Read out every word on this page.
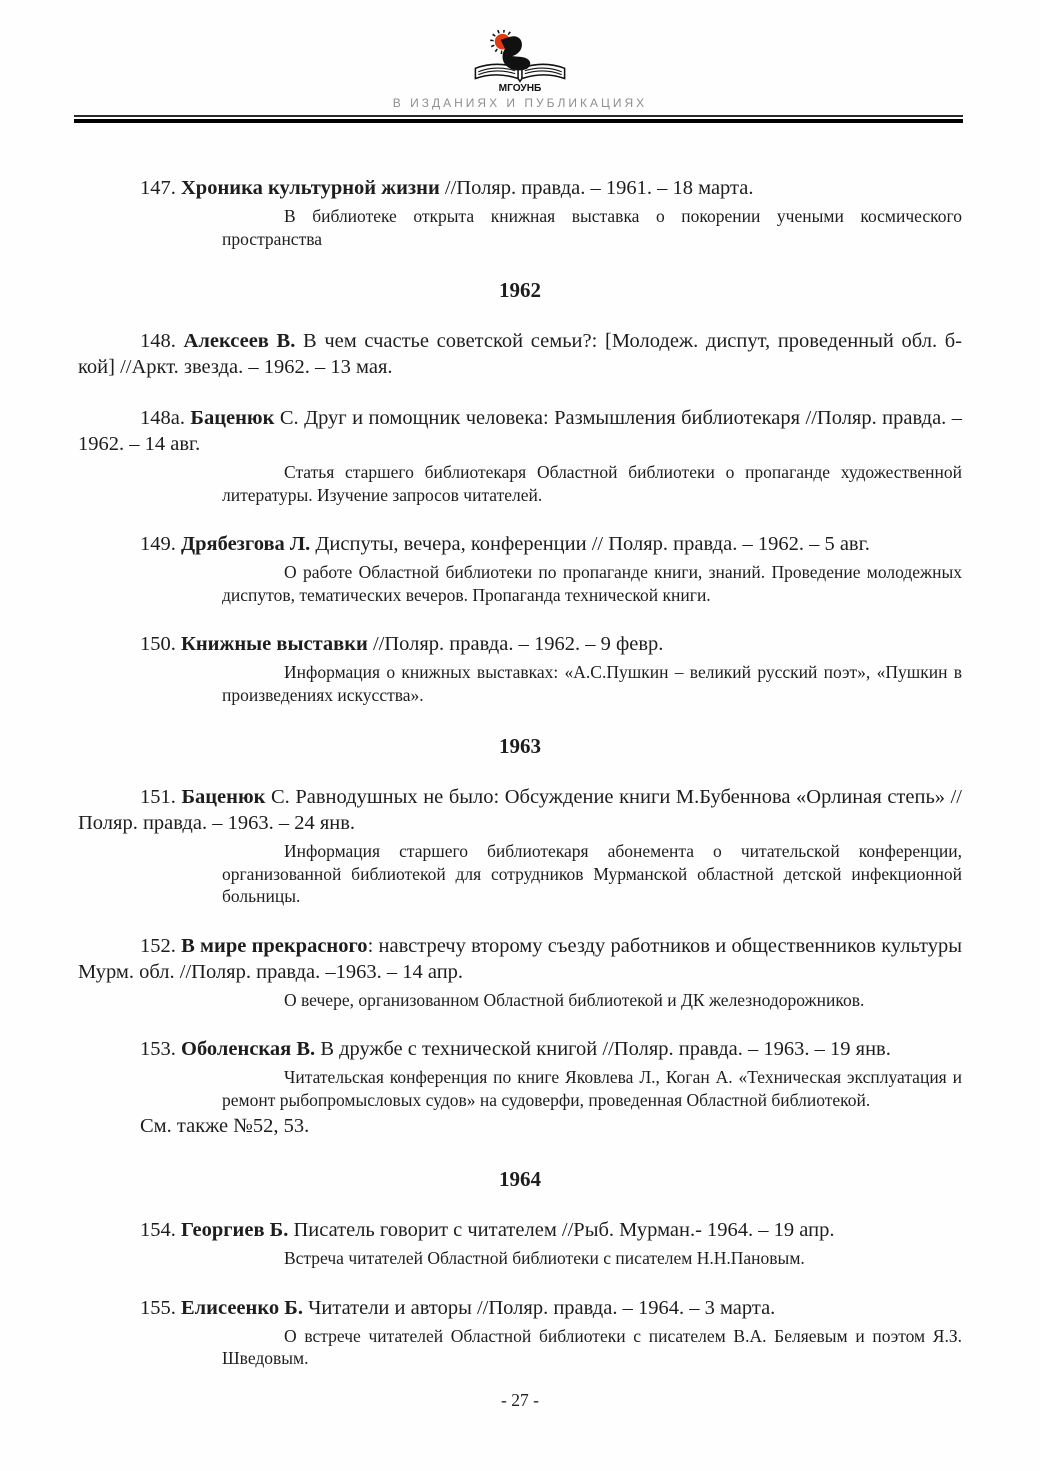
МГОУНБ
В ИЗДАНИЯХ И ПУБЛИКАЦИЯХ

147. Хроника культурной жизни //Поляр. правда. – 1961. – 18 марта.

В библиотеке открыта книжная выставка о покорении учеными космического пространства

1962

148. Алексеев В. В чем счастье советской семьи?: [Молодеж. диспут, проведенный обл. б-кой] //Аркт. звезда. – 1962. – 13 мая.

148а. Баценюк С. Друг и помощник человека: Размышления библиотекаря //Поляр. правда. – 1962. – 14 авг.

Статья старшего библиотекаря Областной библиотеки о пропаганде художественной литературы. Изучение запросов читателей.

149. Дрябезгова Л. Диспуты, вечера, конференции // Поляр. правда. – 1962. – 5 авг.

О работе Областной библиотеки по пропаганде книги, знаний. Проведение молодежных диспутов, тематических вечеров. Пропаганда технической книги.

150. Книжные выставки //Поляр. правда. – 1962. – 9 февр.

Информация о книжных выставках: «А.С.Пушкин – великий русский поэт», «Пушкин в произведениях искусства».

1963

151. Баценюк С. Равнодушных не было: Обсуждение книги М.Бубеннова «Орлиная степь» //Поляр. правда. – 1963. – 24 янв.

Информация старшего библиотекаря абонемента о читательской конференции, организованной библиотекой для сотрудников Мурманской областной детской инфекционной больницы.

152. В мире прекрасного: навстречу второму съезду работников и общественников культуры Мурм. обл. //Поляр. правда. –1963. – 14 апр.

О вечере, организованном Областной библиотекой и ДК железнодорожников.

153. Оболенская В. В дружбе с технической книгой //Поляр. правда. – 1963. – 19 янв.

Читательская конференция по книге Яковлева Л., Коган А. «Техническая эксплуатация и ремонт рыбопромысловых судов» на судоверфи, проведенная Областной библиотекой.

См. также №52, 53.

1964

154. Георгиев Б. Писатель говорит с читателем //Рыб. Мурман.- 1964. – 19 апр.

Встреча читателей Областной библиотеки с писателем Н.Н.Пановым.

155. Елисеенко Б. Читатели и авторы //Поляр. правда. – 1964. – 3 марта.

О встрече читателей Областной библиотеки с писателем В.А. Беляевым и поэтом Я.З. Шведовым.

- 27 -
